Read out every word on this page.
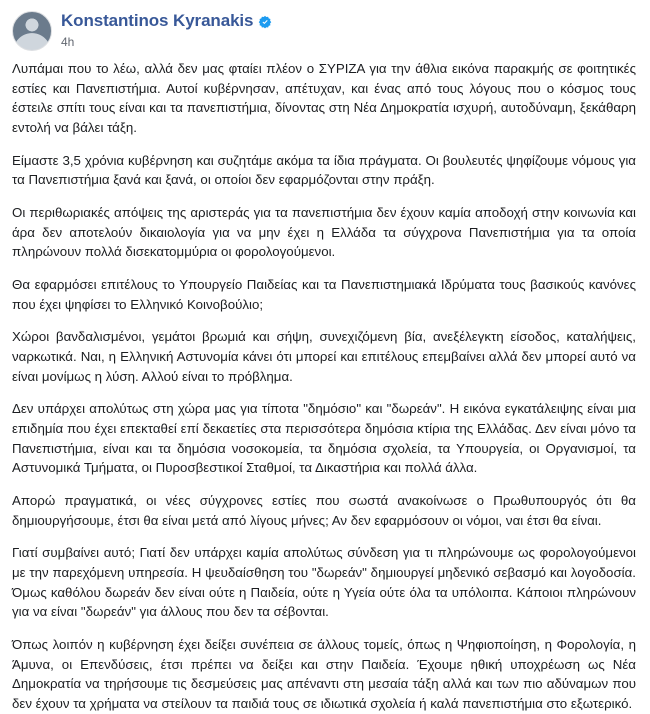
Konstantinos Kyranakis
4h

Λυπάμαι που το λέω, αλλά δεν μας φταίει πλέον ο ΣΥΡΙΖΑ για την άθλια εικόνα παρακμής σε φοιτητικές εστίες και Πανεπιστήμια. Αυτοί κυβέρνησαν, απέτυχαν, και ένας από τους λόγους που ο κόσμος τους έστειλε σπίτι τους είναι και τα πανεπιστήμια, δίνοντας στη Νέα Δημοκρατία ισχυρή, αυτοδύναμη, ξεκάθαρη εντολή να βάλει τάξη.

Είμαστε 3,5 χρόνια κυβέρνηση και συζητάμε ακόμα τα ίδια πράγματα. Οι βουλευτές ψηφίζουμε νόμους για τα Πανεπιστήμια ξανά και ξανά, οι οποίοι δεν εφαρμόζονται στην πράξη.

Οι περιθωριακές απόψεις της αριστεράς για τα πανεπιστήμια δεν έχουν καμία αποδοχή στην κοινωνία και άρα δεν αποτελούν δικαιολογία για να μην έχει η Ελλάδα τα σύγχρονα Πανεπιστήμια για τα οποία πληρώνουν πολλά δισεκατομμύρια οι φορολογούμενοι.

Θα εφαρμόσει επιτέλους το Υπουργείο Παιδείας και τα Πανεπιστημιακά Ιδρύματα τους βασικούς κανόνες που έχει ψηφίσει το Ελληνικό Κοινοβούλιο;

Χώροι βανδαλισμένοι, γεμάτοι βρωμιά και σήψη, συνεχιζόμενη βία, ανεξέλεγκτη είσοδος, καταλήψεις, ναρκωτικά. Ναι, η Ελληνική Αστυνομία κάνει ότι μπορεί και επιτέλους επεμβαίνει αλλά δεν μπορεί αυτό να είναι μονίμως η λύση. Αλλού είναι το πρόβλημα.

Δεν υπάρχει απολύτως στη χώρα μας για τίποτα "δημόσιο" και "δωρεάν". Η εικόνα εγκατάλειψης είναι μια επιδημία που έχει επεκταθεί επί δεκαετίες στα περισσότερα δημόσια κτίρια της Ελλάδας. Δεν είναι μόνο τα Πανεπιστήμια, είναι και τα δημόσια νοσοκομεία, τα δημόσια σχολεία, τα Υπουργεία, οι Οργανισμοί, τα Αστυνομικά Τμήματα, οι Πυροσβεστικοί Σταθμοί, τα Δικαστήρια και πολλά άλλα.

Απορώ πραγματικά, οι νέες σύγχρονες εστίες που σωστά ανακοίνωσε ο Πρωθυπουργός ότι θα δημιουργήσουμε, έτσι θα είναι μετά από λίγους μήνες; Αν δεν εφαρμόσουν οι νόμοι, ναι έτσι θα είναι.

Γιατί συμβαίνει αυτό; Γιατί δεν υπάρχει καμία απολύτως σύνδεση για τι πληρώνουμε ως φορολογούμενοι με την παρεχόμενη υπηρεσία. Η ψευδαίσθηση του "δωρεάν" δημιουργεί μηδενικό σεβασμό και λογοδοσία. Όμως καθόλου δωρεάν δεν είναι ούτε η Παιδεία, ούτε η Υγεία ούτε όλα τα υπόλοιπα. Κάποιοι πληρώνουν για να είναι "δωρεάν" για άλλους που δεν τα σέβονται.

Όπως λοιπόν η κυβέρνηση έχει δείξει συνέπεια σε άλλους τομείς, όπως η Ψηφιοποίηση, η Φορολογία, η Άμυνα, οι Επενδύσεις, έτσι πρέπει να δείξει και στην Παιδεία. Έχουμε ηθική υποχρέωση ως Νέα Δημοκρατία να τηρήσουμε τις δεσμεύσεις μας απέναντι στη μεσαία τάξη αλλά και των πιο αδύναμων που δεν έχουν τα χρήματα να στείλουν τα παιδιά τους σε ιδιωτικά σχολεία ή καλά πανεπιστήμια στο εξωτερικό.
